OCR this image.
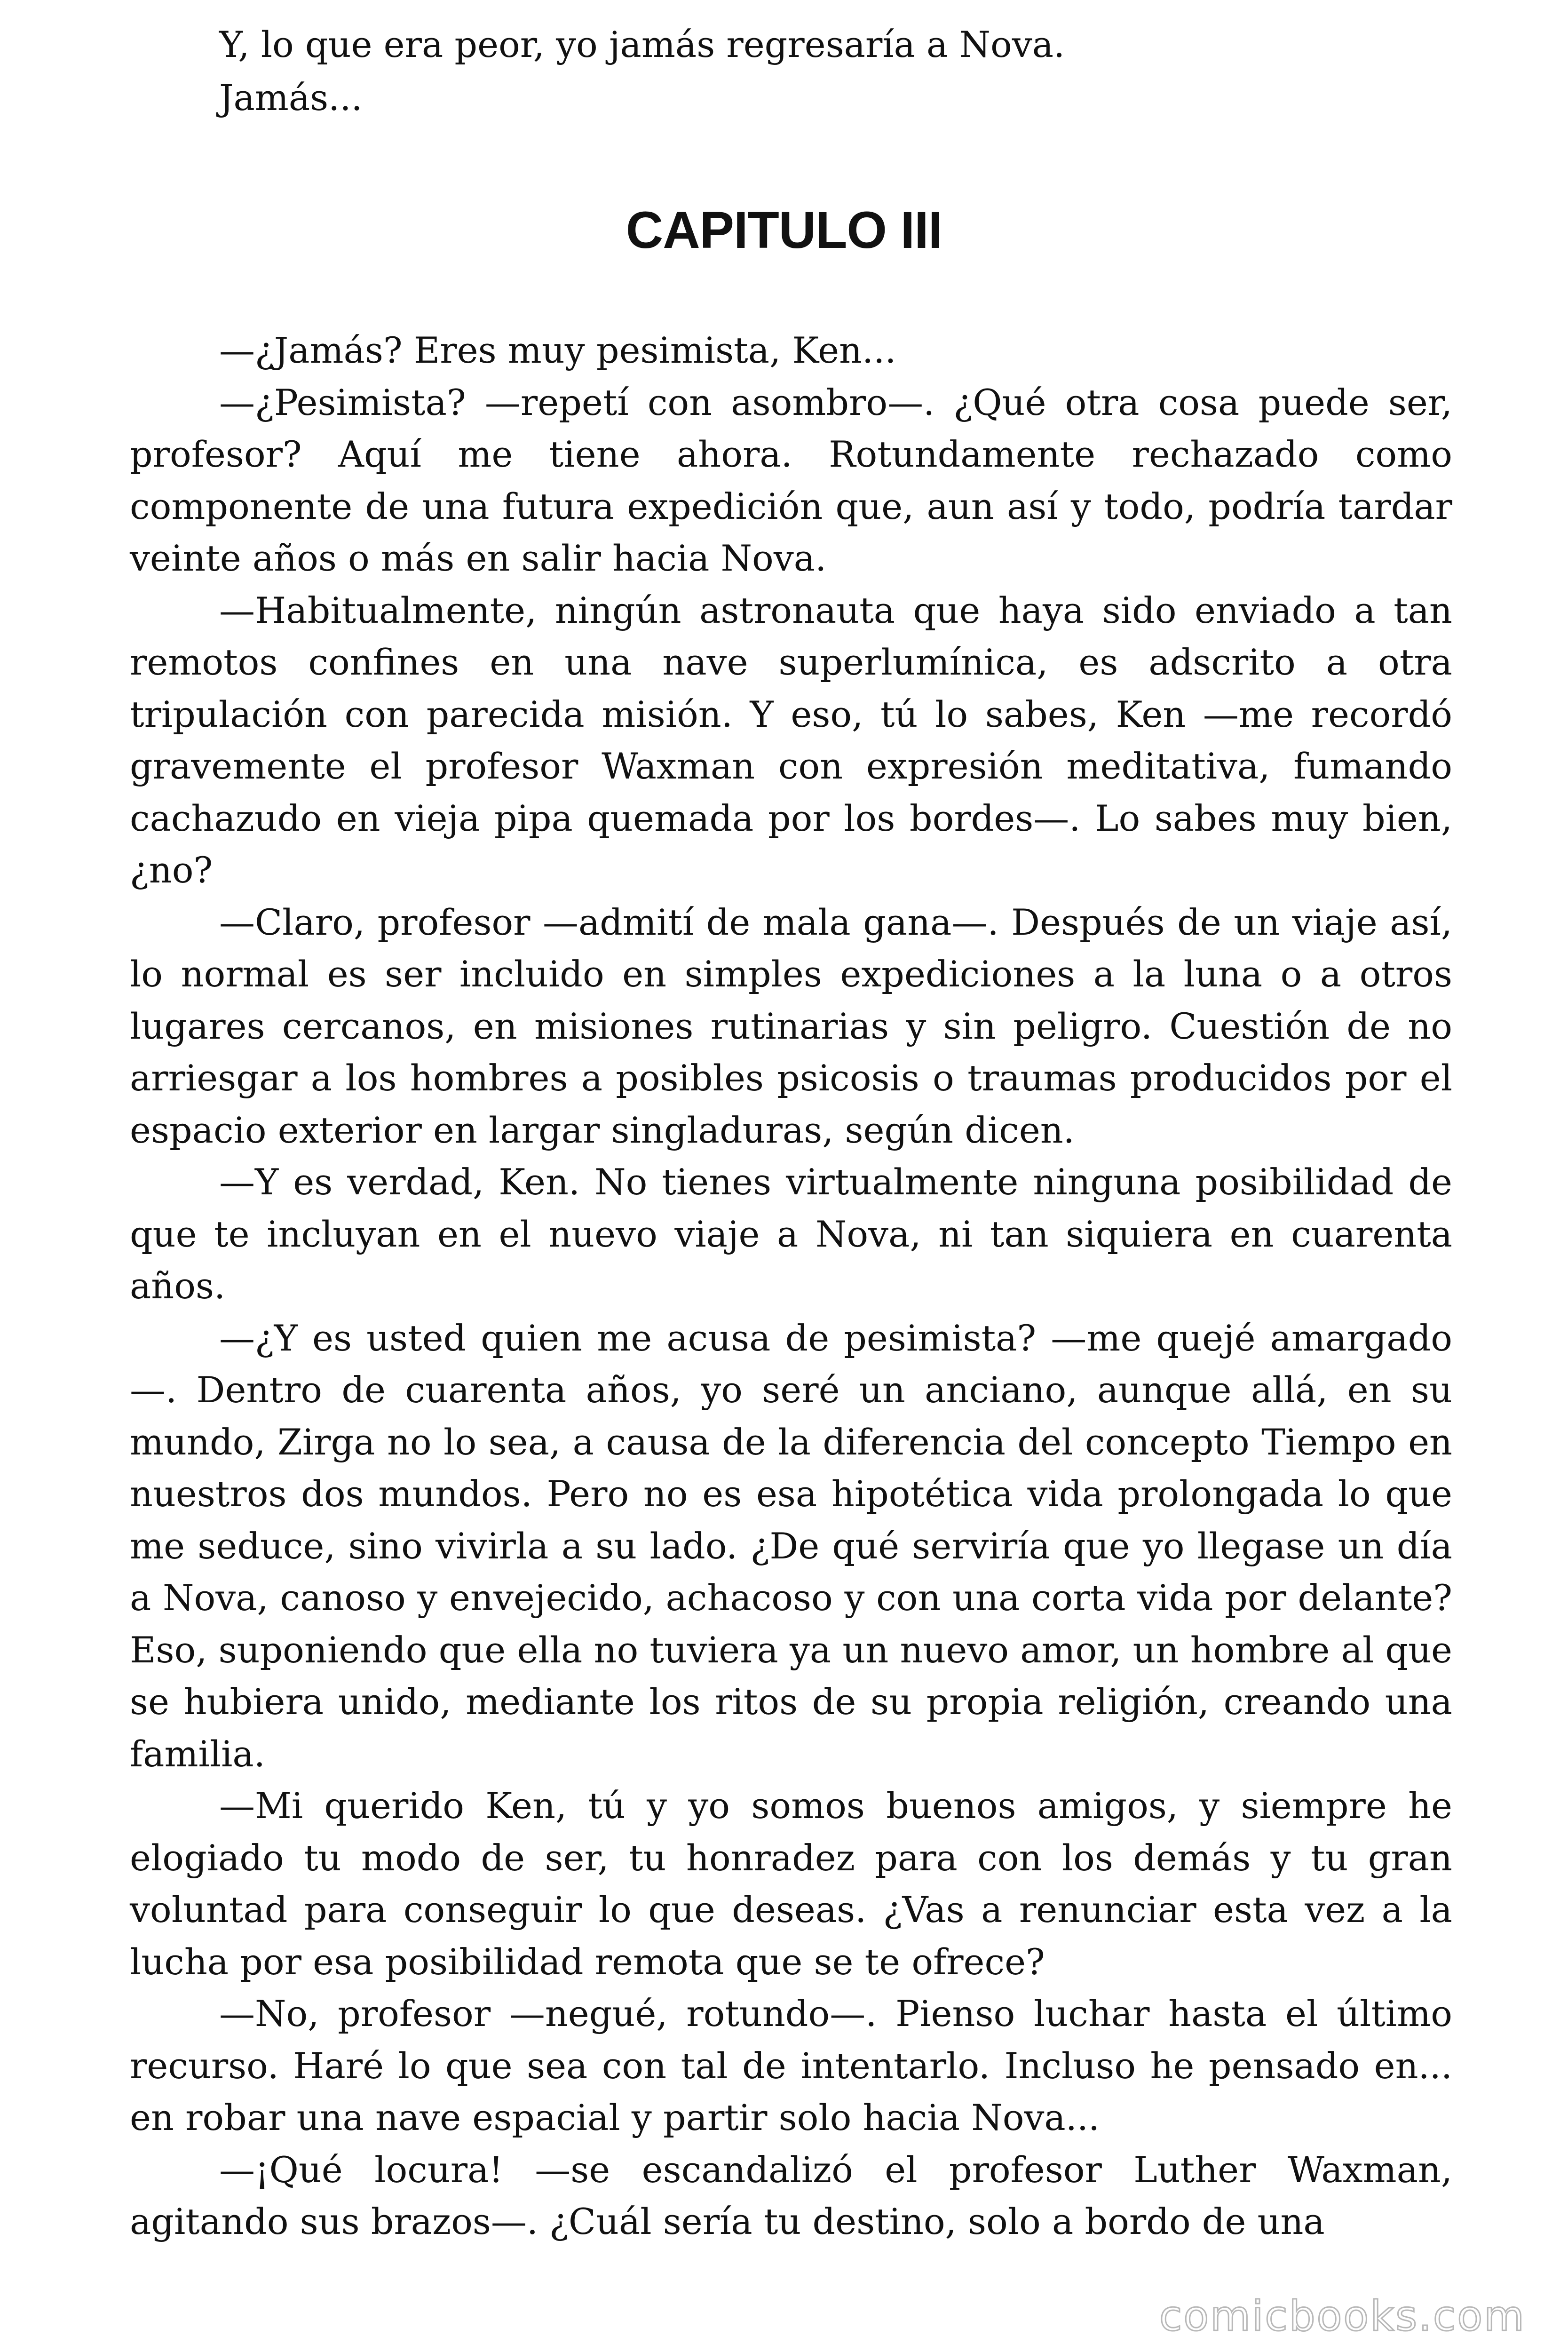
Y, lo que era peor, yo jamás regresaría a Nova.

Jamás...

CAPITULO III

—¿Jamás? Eres muy pesimista, Ken...

—¿Pesimista? —repetí con asombro—. ¿Qué otra cosa puede ser, profesor? Aquí me tiene ahora. Rotundamente rechazado como componente de una futura expedición que, aun así y todo, podría tardar veinte años o más en salir hacia Nova.

—Habitualmente, ningún astronauta que haya sido enviado a tan remotos confines en una nave superlumínica, es adscrito a otra tripulación con parecida misión. Y eso, tú lo sabes, Ken —me recordó gravemente el profesor Waxman con expresión meditativa, fumando cachazudo en vieja pipa quemada por los bordes—. Lo sabes muy bien, ¿no?

—Claro, profesor —admití de mala gana—. Después de un viaje así, lo normal es ser incluido en simples expediciones a la luna o a otros lugares cercanos, en misiones rutinarias y sin peligro. Cuestión de no arriesgar a los hombres a posibles psicosis o traumas producidos por el espacio exterior en largar singladuras, según dicen.

—Y es verdad, Ken. No tienes virtualmente ninguna posibilidad de que te incluyan en el nuevo viaje a Nova, ni tan siquiera en cuarenta años.

—¿Y es usted quien me acusa de pesimista? —me quejé amargado—. Dentro de cuarenta años, yo seré un anciano, aunque allá, en su mundo, Zirga no lo sea, a causa de la diferencia del concepto Tiempo en nuestros dos mundos. Pero no es esa hipotética vida prolongada lo que me seduce, sino vivirla a su lado. ¿De qué serviría que yo llegase un día a Nova, canoso y envejecido, achacoso y con una corta vida por delante? Eso, suponiendo que ella no tuviera ya un nuevo amor, un hombre al que se hubiera unido, mediante los ritos de su propia religión, creando una familia.

—Mi querido Ken, tú y yo somos buenos amigos, y siempre he elogiado tu modo de ser, tu honradez para con los demás y tu gran voluntad para conseguir lo que deseas. ¿Vas a renunciar esta vez a la lucha por esa posibilidad remota que se te ofrece?

—No, profesor —negué, rotundo—. Pienso luchar hasta el último recurso. Haré lo que sea con tal de intentarlo. Incluso he pensado en... en robar una nave espacial y partir solo hacia Nova...

—¡Qué locura! —se escandalizó el profesor Luther Waxman, agitando sus brazos—. ¿Cuál sería tu destino, solo a bordo de una

comicbooks.com
